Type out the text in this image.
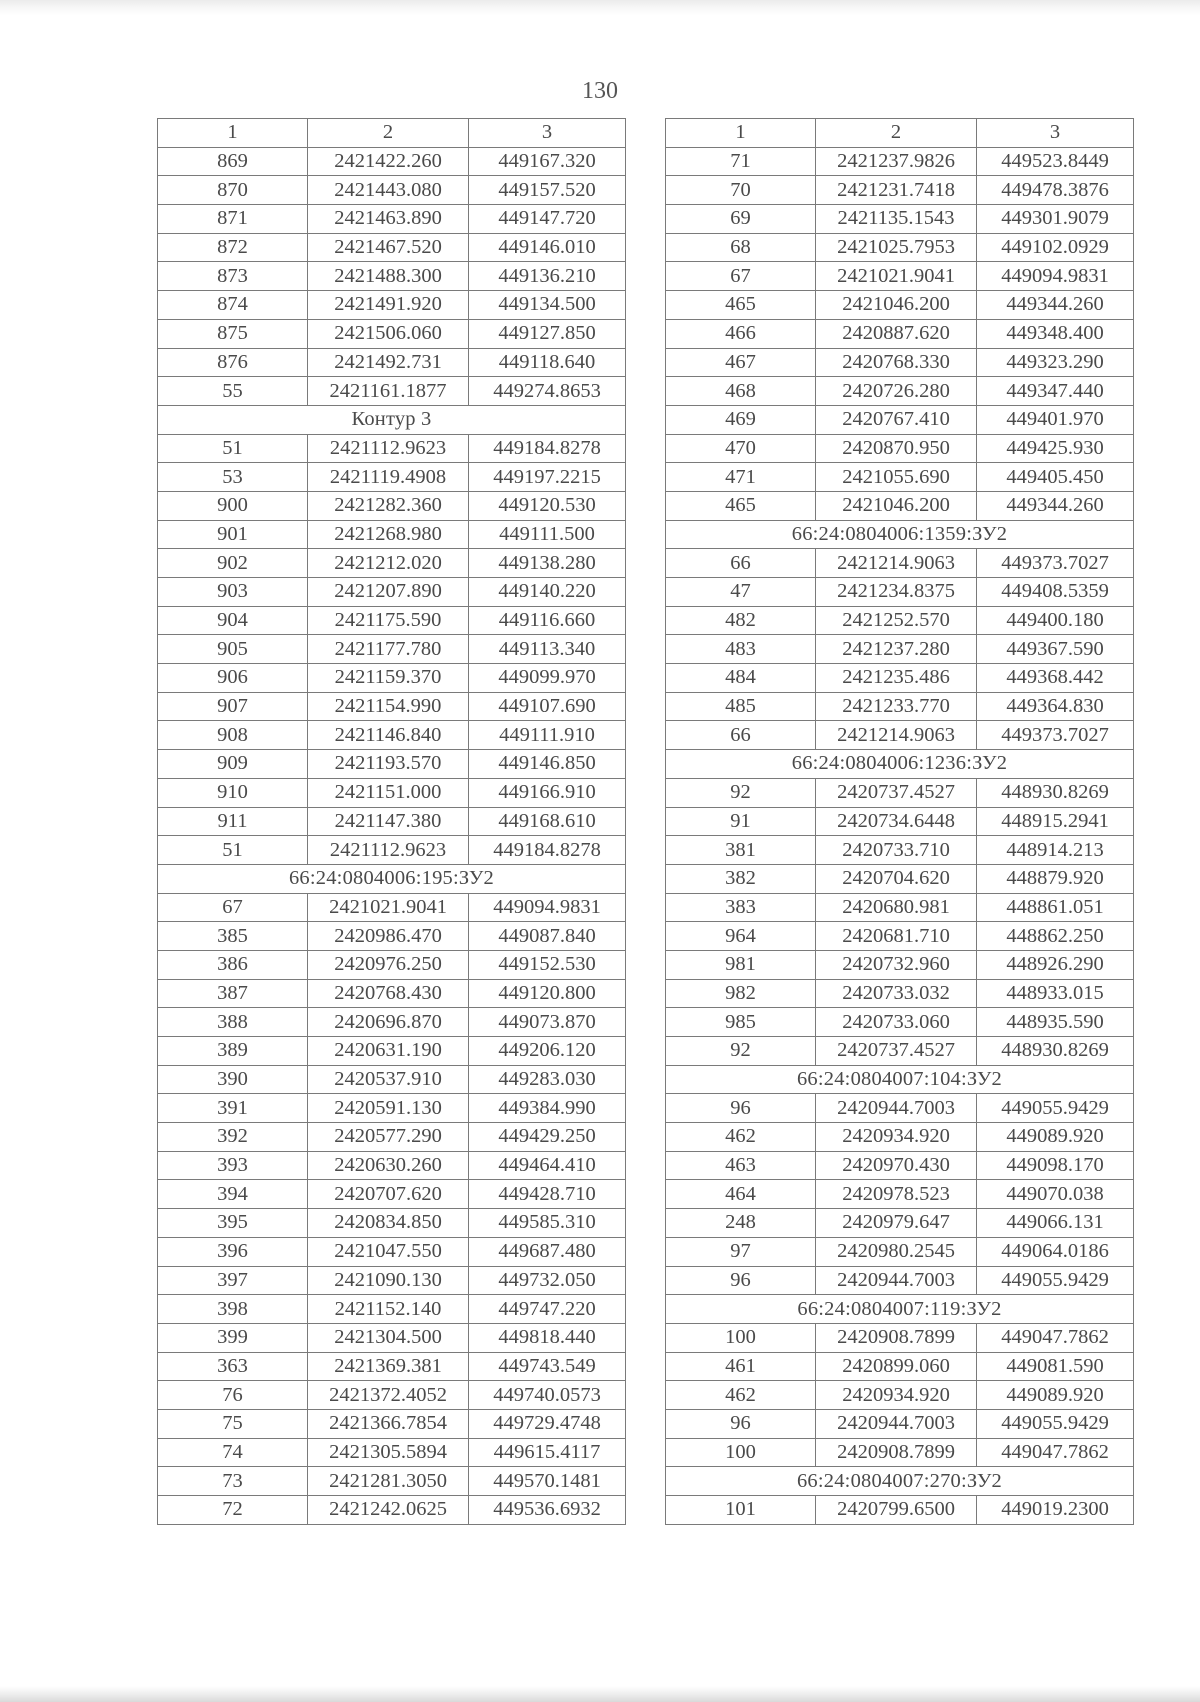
130
1	2	3
869	2421422.260	449167.320
870	2421443.080	449157.520
871	2421463.890	449147.720
872	2421467.520	449146.010
873	2421488.300	449136.210
874	2421491.920	449134.500
875	2421506.060	449127.850
876	2421492.731	449118.640
55	2421161.1877	449274.8653
Контур 3		
51	2421112.9623	449184.8278
53	2421119.4908	449197.2215
900	2421282.360	449120.530
901	2421268.980	449111.500
902	2421212.020	449138.280
903	2421207.890	449140.220
904	2421175.590	449116.660
905	2421177.780	449113.340
906	2421159.370	449099.970
907	2421154.990	449107.690
908	2421146.840	449111.910
909	2421193.570	449146.850
910	2421151.000	449166.910
911	2421147.380	449168.610
51	2421112.9623	449184.8278
66:24:0804006:195:ЗУ2		
67	2421021.9041	449094.9831
385	2420986.470	449087.840
386	2420976.250	449152.530
387	2420768.430	449120.800
388	2420696.870	449073.870
389	2420631.190	449206.120
390	2420537.910	449283.030
391	2420591.130	449384.990
392	2420577.290	449429.250
393	2420630.260	449464.410
394	2420707.620	449428.710
395	2420834.850	449585.310
396	2421047.550	449687.480
397	2421090.130	449732.050
398	2421152.140	449747.220
399	2421304.500	449818.440
363	2421369.381	449743.549
76	2421372.4052	449740.0573
75	2421366.7854	449729.4748
74	2421305.5894	449615.4117
73	2421281.3050	449570.1481
72	2421242.0625	449536.6932
1	2	3
71	2421237.9826	449523.8449
70	2421231.7418	449478.3876
69	2421135.1543	449301.9079
68	2421025.7953	449102.0929
67	2421021.9041	449094.9831
465	2421046.200	449344.260
466	2420887.620	449348.400
467	2420768.330	449323.290
468	2420726.280	449347.440
469	2420767.410	449401.970
470	2420870.950	449425.930
471	2421055.690	449405.450
465	2421046.200	449344.260
66:24:0804006:1359:ЗУ2		
66	2421214.9063	449373.7027
47	2421234.8375	449408.5359
482	2421252.570	449400.180
483	2421237.280	449367.590
484	2421235.486	449368.442
485	2421233.770	449364.830
66	2421214.9063	449373.7027
66:24:0804006:1236:ЗУ2		
92	2420737.4527	448930.8269
91	2420734.6448	448915.2941
381	2420733.710	448914.213
382	2420704.620	448879.920
383	2420680.981	448861.051
964	2420681.710	448862.250
981	2420732.960	448926.290
982	2420733.032	448933.015
985	2420733.060	448935.590
92	2420737.4527	448930.8269
66:24:0804007:104:ЗУ2		
96	2420944.7003	449055.9429
462	2420934.920	449089.920
463	2420970.430	449098.170
464	2420978.523	449070.038
248	2420979.647	449066.131
97	2420980.2545	449064.0186
96	2420944.7003	449055.9429
66:24:0804007:119:ЗУ2		
100	2420908.7899	449047.7862
461	2420899.060	449081.590
462	2420934.920	449089.920
96	2420944.7003	449055.9429
100	2420908.7899	449047.7862
66:24:0804007:270:ЗУ2		
101	2420799.6500	449019.2300
